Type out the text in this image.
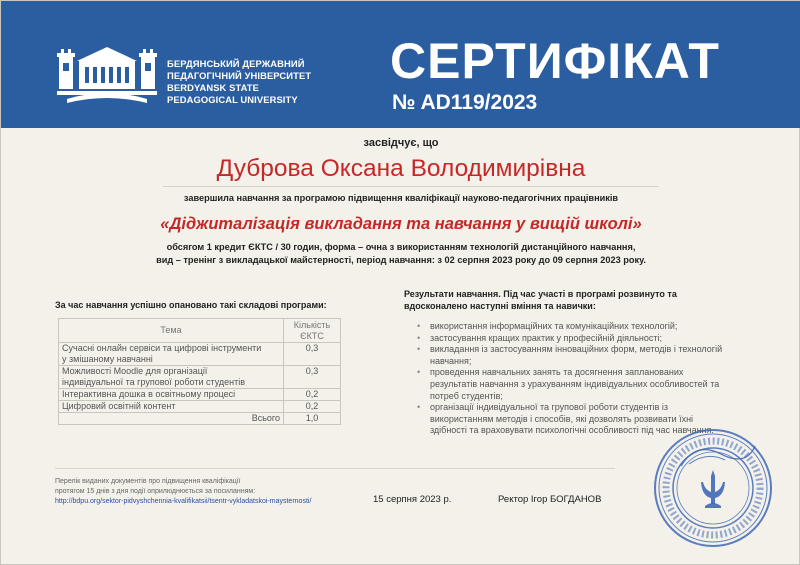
БЕРДЯНСЬКИЙ ДЕРЖАВНИЙ
ПЕДАГОГІЧНИЙ УНІВЕРСИТЕТ
BERDYANSK STATE
PEDAGOGICAL UNIVERSITY
СЕРТИФІКАТ
№ AD119/2023
засвідчує, що
Дуброва Оксана Володимирівна
завершила навчання за програмою підвищення кваліфікації науково-педагогічних працівників
«Діджиталізація викладання та навчання у вищій школі»
обсягом 1 кредит ЄКТС / 30 годин, форма – очна з використанням технологій дистанційного навчання,
вид – тренінг з викладацької майстерності, період навчання: з 02 серпня 2023 року до 09 серпня 2023 року.
За час навчання успішно опановано такі складові програми:
Тема	Кількість
ЄКТС

Сучасні онлайн сервіси та цифрові інструменти
у змішаному навчанні	0,3

Можливості Moodle для організації
індивідуальної та групової роботи студентів	0,3
Інтерактивна дошка в освітньому процесі	0,2
Цифровий освітній контент	0,2
Всього	1,0
Результати навчання. Під час участі в програмі розвинуто та
вдосконалено наступні вміння та навички:
• використання інформаційних та комунікаційних технологій;
• застосування кращих практик у професійній діяльності;
• викладання із застосуванням інноваційних форм, методів і технологій
навчання;
• проведення навчальних занять та досягнення запланованих
результатів навчання з урахуванням індивідуальних особливостей та
потреб студентів;
• організації індивідуальної та групової роботи студентів із
використанням методів і способів, які дозволять розвивати їхні
здібності та враховувати психологічні особливості під час навчання.
Перелік виданих документів про підвищення кваліфікації
протягом 15 днів з дня події оприлюднюється за посиланням:
http://bdpu.org/sektor-pidvyshchennia-kvalifikatsii/tsentr-vykladatskoi-maysternosti/	15 серпня 2023 р.	Ректор Ігор БОГДАНОВ
